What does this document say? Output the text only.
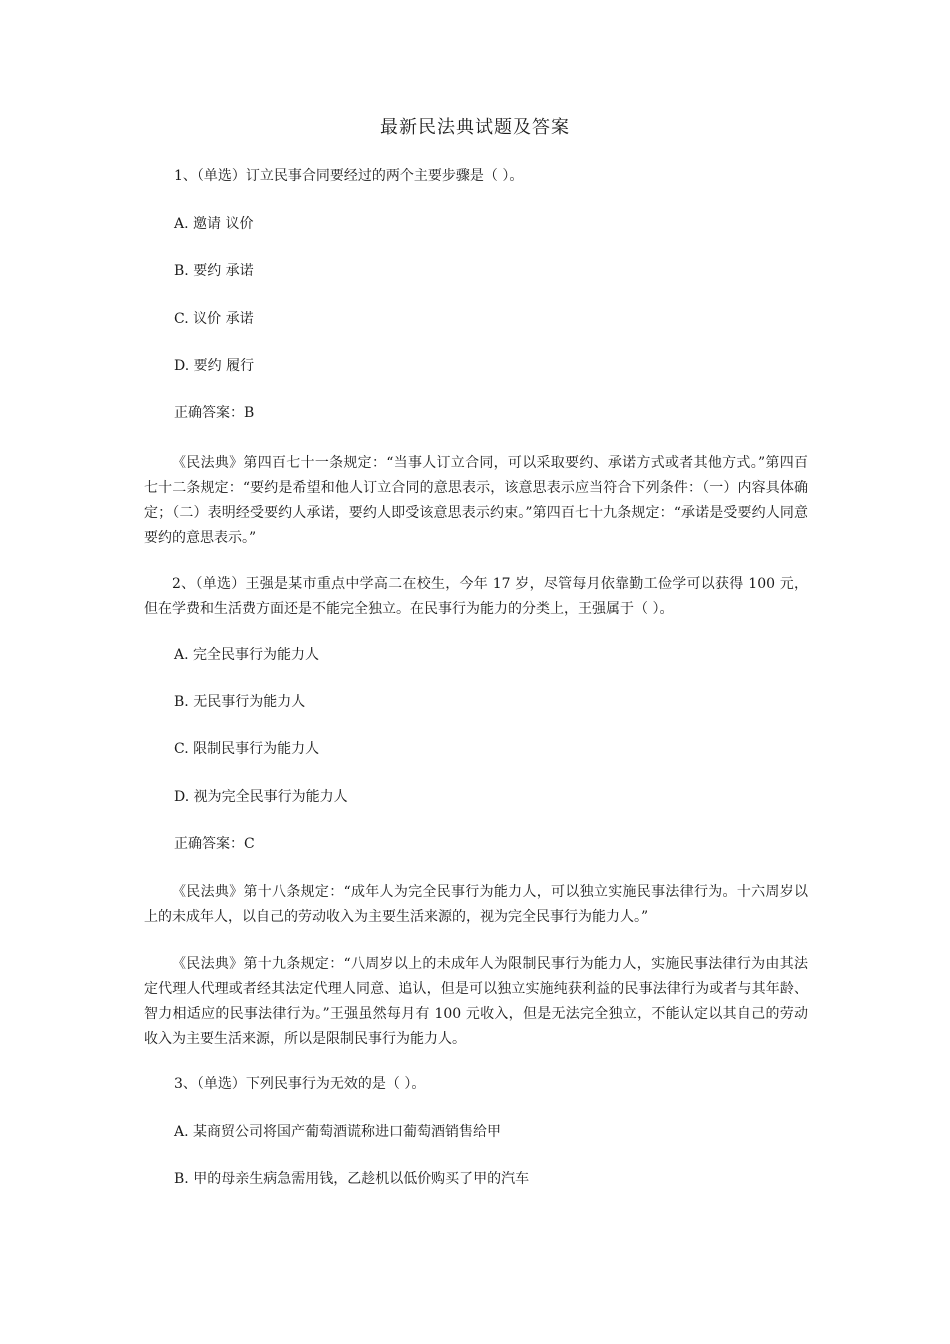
最新民法典试题及答案
1、（单选）订立民事合同要经过的两个主要步骤是（ ）。
A. 邀请 议价
B. 要约 承诺
C. 议价 承诺
D. 要约 履行
正确答案：B
《民法典》第四百七十一条规定：“当事人订立合同，可以采取要约、承诺方式或者其他方式。”第四百七十二条规定：“要约是希望和他人订立合同的意思表示，该意思表示应当符合下列条件：（一）内容具体确定；（二）表明经受要约人承诺，要约人即受该意思表示约束。”第四百七十九条规定：“承诺是受要约人同意要约的意思表示。”
2、（单选）王强是某市重点中学高二在校生，今年 17 岁，尽管每月依靠勤工俭学可以获得 100 元，但在学费和生活费方面还是不能完全独立。在民事行为能力的分类上，王强属于（ ）。
A. 完全民事行为能力人
B. 无民事行为能力人
C. 限制民事行为能力人
D. 视为完全民事行为能力人
正确答案：C
《民法典》第十八条规定：“成年人为完全民事行为能力人，可以独立实施民事法律行为。十六周岁以上的未成年人，以自己的劳动收入为主要生活来源的，视为完全民事行为能力人。”
《民法典》第十九条规定：“八周岁以上的未成年人为限制民事行为能力人，实施民事法律行为由其法定代理人代理或者经其法定代理人同意、追认，但是可以独立实施纯获利益的民事法律行为或者与其年龄、智力相适应的民事法律行为。”王强虽然每月有 100 元收入，但是无法完全独立，不能认定以其自己的劳动收入为主要生活来源，所以是限制民事行为能力人。
3、（单选）下列民事行为无效的是（ ）。
A. 某商贸公司将国产葡萄酒谎称进口葡萄酒销售给甲
B. 甲的母亲生病急需用钱，乙趁机以低价购买了甲的汽车
